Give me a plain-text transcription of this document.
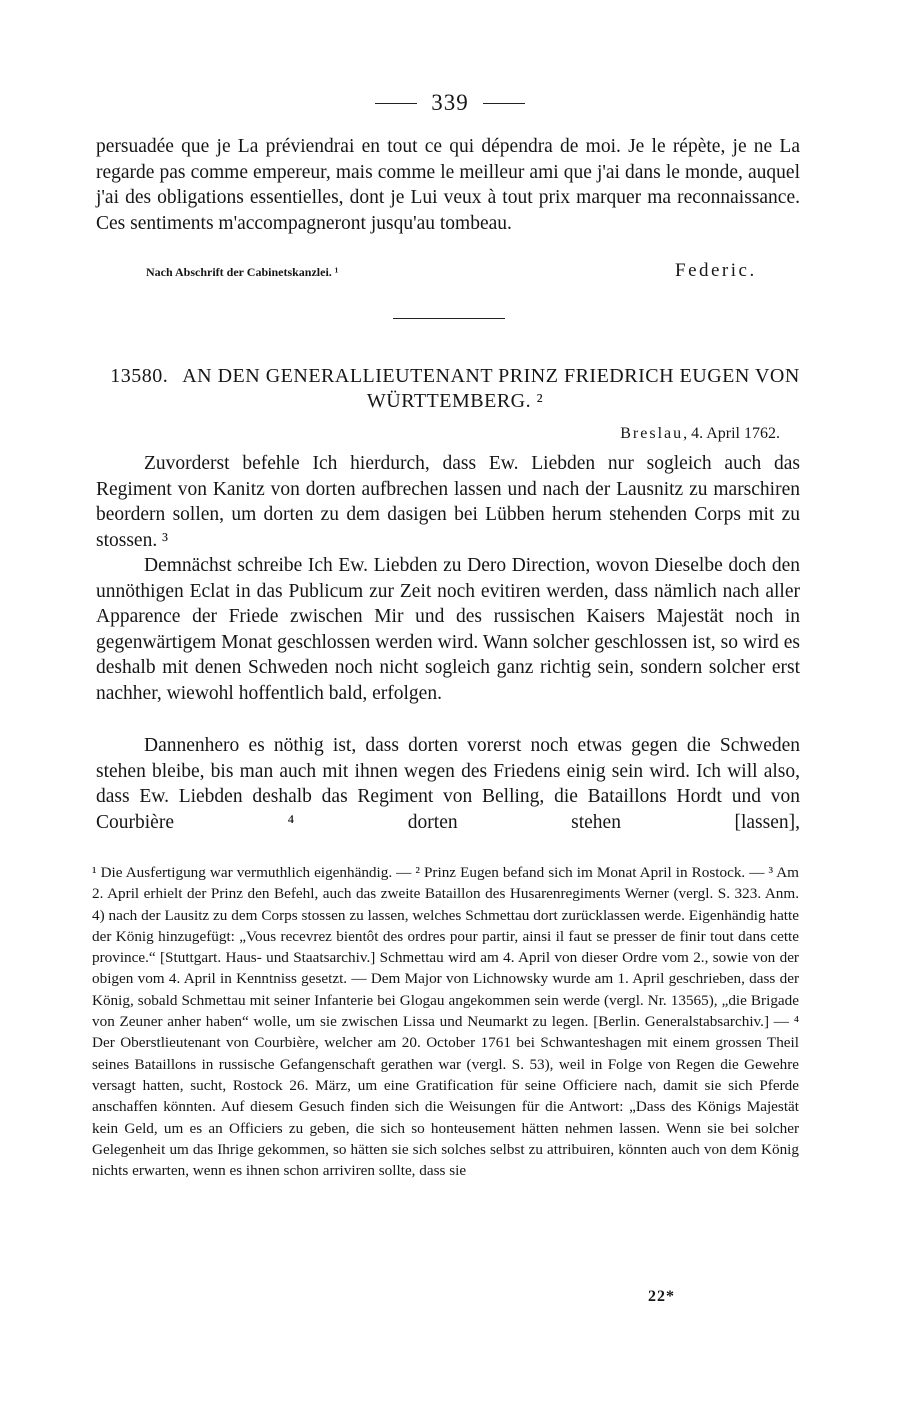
339
persuadée que je La préviendrai en tout ce qui dépendra de moi. Je le répète, je ne La regarde pas comme empereur, mais comme le meilleur ami que j'ai dans le monde, auquel j'ai des obligations essentielles, dont je Lui veux à tout prix marquer ma reconnaissance. Ces sentiments m'accompagneront jusqu'au tombeau.
Nach Abschrift der Cabinetskanzlei. ¹	Federic.
13580. AN DEN GENERALLIEUTENANT PRINZ FRIEDRICH EUGEN VON WÜRTTEMBERG. ²
Breslau, 4. April 1762.
Zuvorderst befehle Ich hierdurch, dass Ew. Liebden nur sogleich auch das Regiment von Kanitz von dorten aufbrechen lassen und nach der Lausnitz zu marschiren beordern sollen, um dorten zu dem dasigen bei Lübben herum stehenden Corps mit zu stossen. ³
Demnächst schreibe Ich Ew. Liebden zu Dero Direction, wovon Dieselbe doch den unnöthigen Eclat in das Publicum zur Zeit noch evitiren werden, dass nämlich nach aller Apparence der Friede zwischen Mir und des russischen Kaisers Majestät noch in gegenwärtigem Monat geschlossen werden wird. Wann solcher geschlossen ist, so wird es deshalb mit denen Schweden noch nicht sogleich ganz richtig sein, sondern solcher erst nachher, wiewohl hoffentlich bald, erfolgen.
Dannenhero es nöthig ist, dass dorten vorerst noch etwas gegen die Schweden stehen bleibe, bis man auch mit ihnen wegen des Friedens einig sein wird. Ich will also, dass Ew. Liebden deshalb das Regiment von Belling, die Bataillons Hordt und von Courbière ⁴ dorten stehen [lassen],
¹ Die Ausfertigung war vermuthlich eigenhändig. — ² Prinz Eugen befand sich im Monat April in Rostock. — ³ Am 2. April erhielt der Prinz den Befehl, auch das zweite Bataillon des Husarenregiments Werner (vergl. S. 323. Anm. 4) nach der Lausitz zu dem Corps stossen zu lassen, welches Schmettau dort zurücklassen werde. Eigenhändig hatte der König hinzugefügt: „Vous recevrez bientôt des ordres pour partir, ainsi il faut se presser de finir tout dans cette province.“ [Stuttgart. Haus- und Staatsarchiv.] Schmettau wird am 4. April von dieser Ordre vom 2., sowie von der obigen vom 4. April in Kenntniss gesetzt. — Dem Major von Lichnowsky wurde am 1. April geschrieben, dass der König, sobald Schmettau mit seiner Infanterie bei Glogau angekommen sein werde (vergl. Nr. 13565), „die Brigade von Zeuner anher haben“ wolle, um sie zwischen Lissa und Neumarkt zu legen. [Berlin. Generalstabsarchiv.] — ⁴ Der Oberstlieutenant von Courbière, welcher am 20. October 1761 bei Schwanteshagen mit einem grossen Theil seines Bataillons in russische Gefangenschaft gerathen war (vergl. S. 53), weil in Folge von Regen die Gewehre versagt hatten, sucht, Rostock 26. März, um eine Gratification für seine Officiere nach, damit sie sich Pferde anschaffen könnten. Auf diesem Gesuch finden sich die Weisungen für die Antwort: „Dass des Königs Majestät kein Geld, um es an Officiers zu geben, die sich so honteusement hätten nehmen lassen. Wenn sie bei solcher Gelegenheit um das Ihrige gekommen, so hätten sie sich solches selbst zu attribuiren, könnten auch von dem König nichts erwarten, wenn es ihnen schon arriviren sollte, dass sie
22*
